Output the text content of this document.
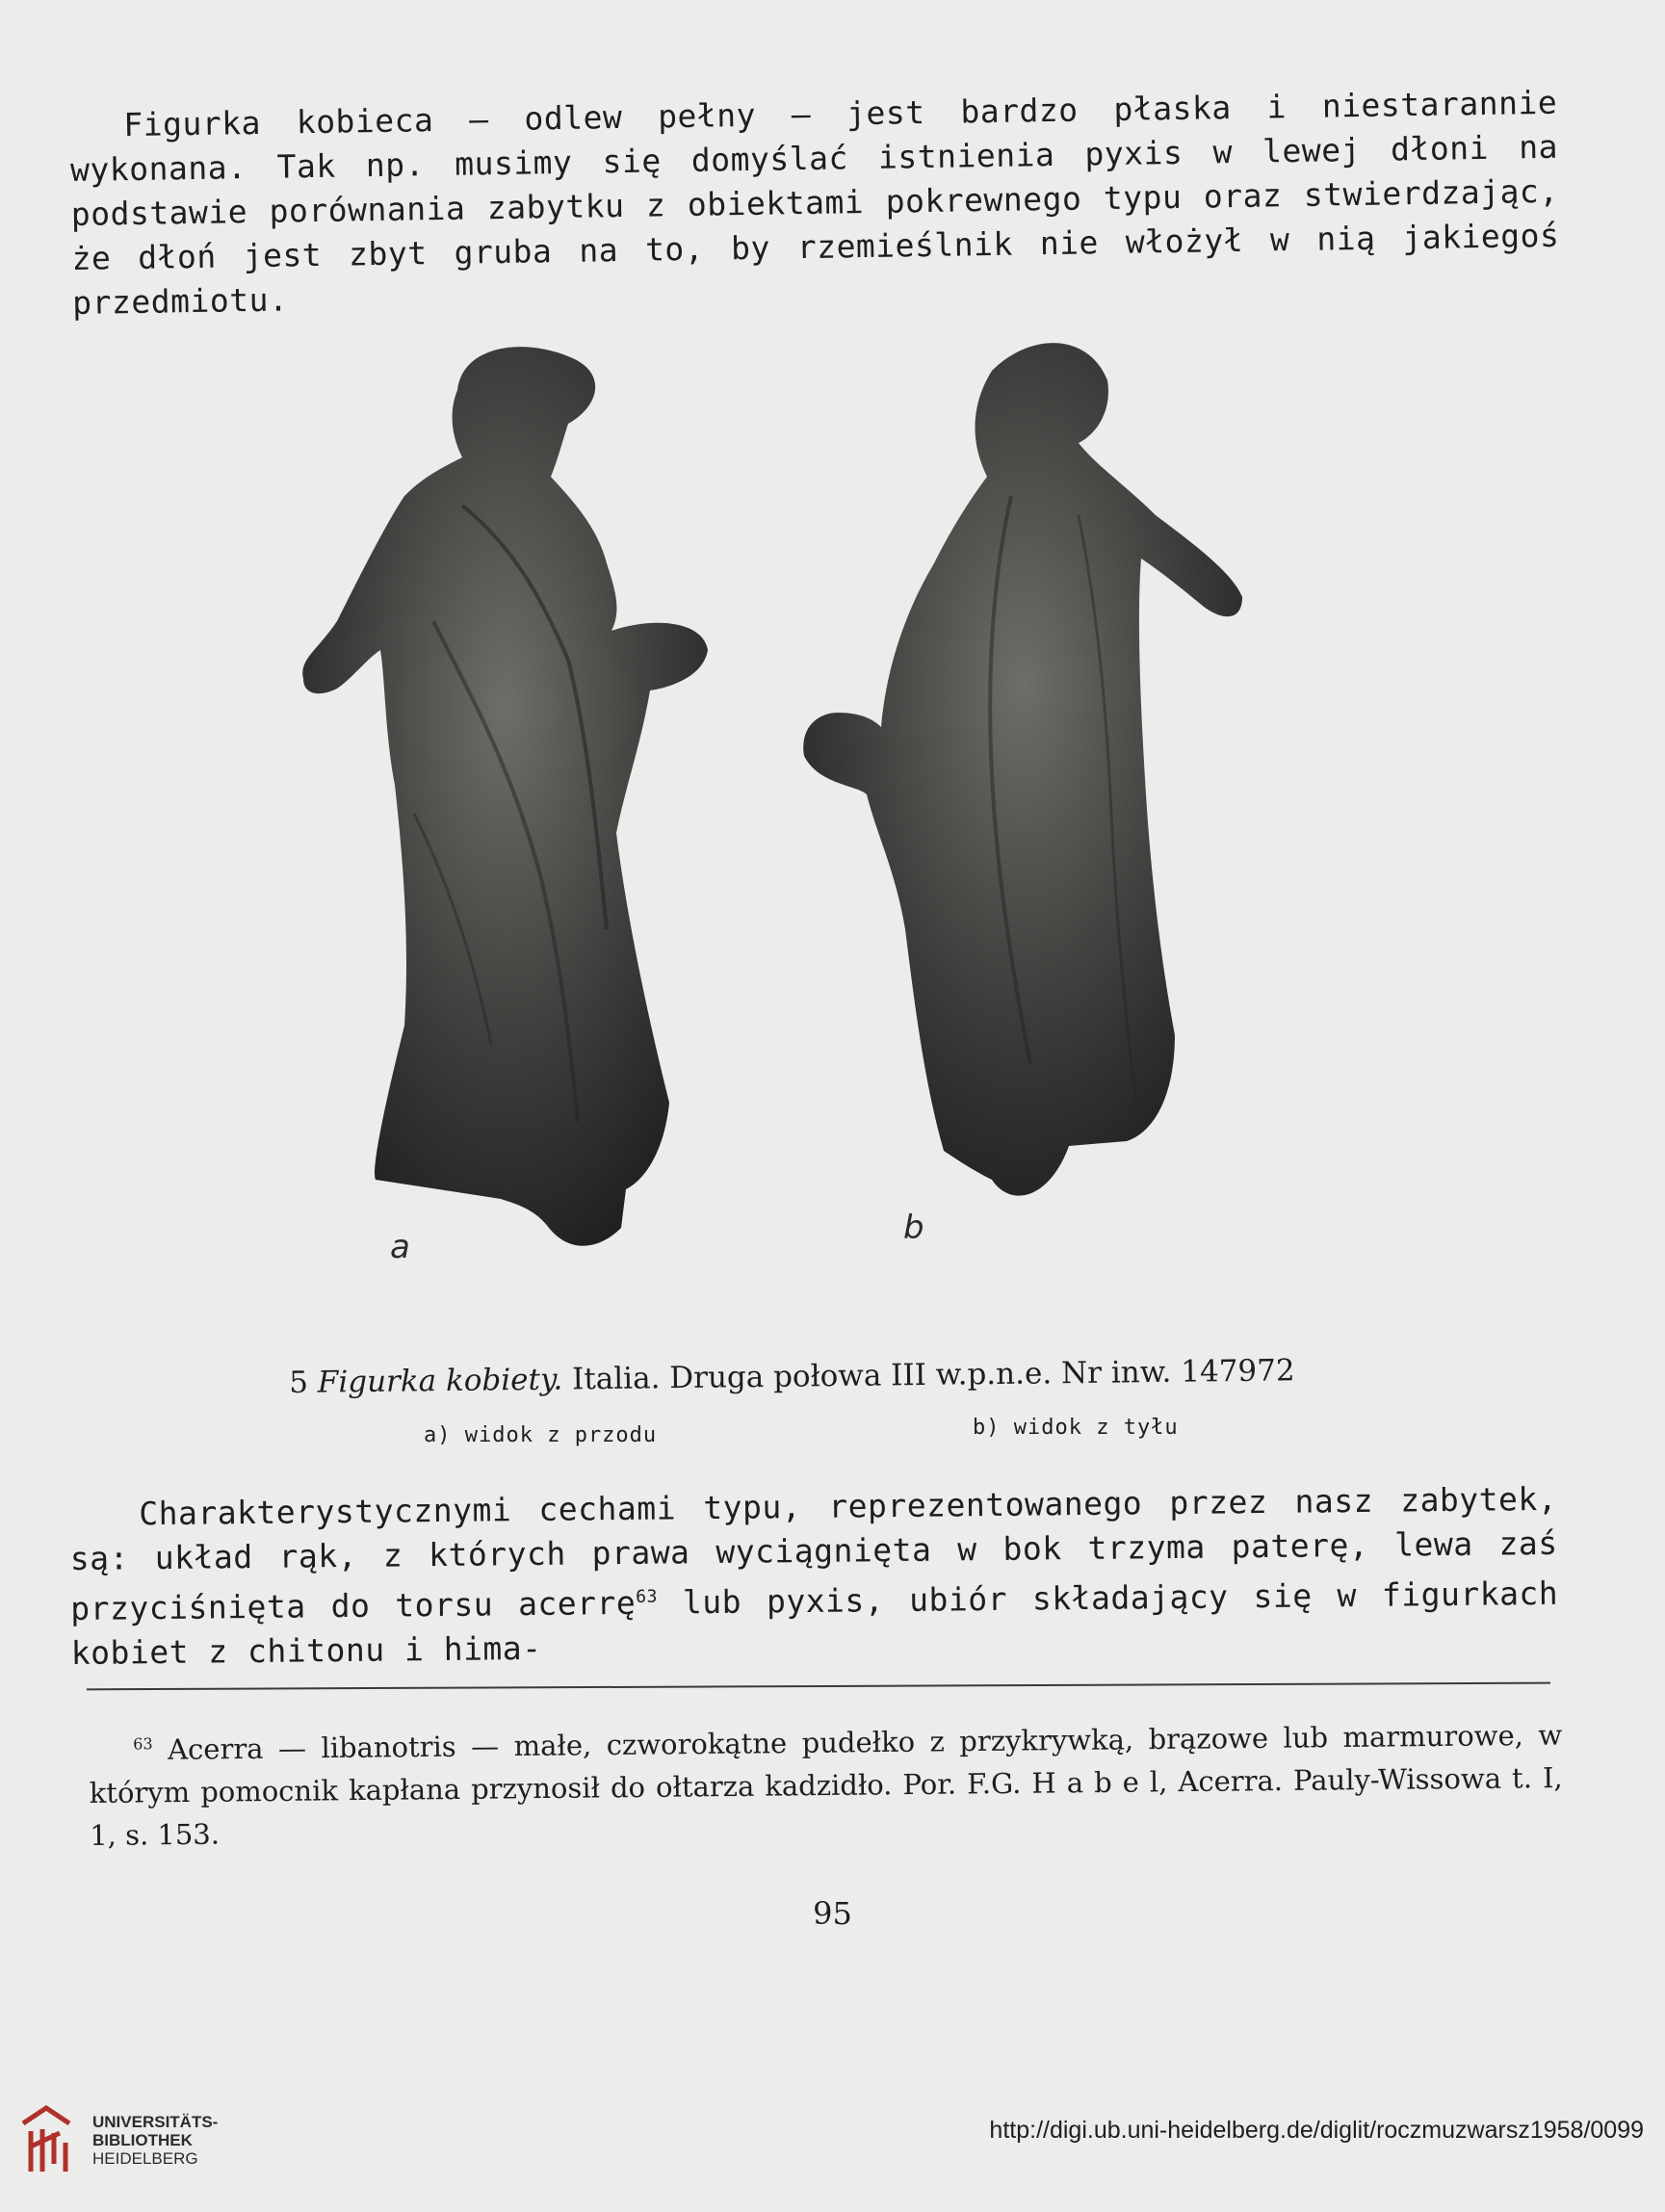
Figurka kobieca — odlew pełny — jest bardzo płaska i niestarannie wykonana. Tak np. musimy się domyślać istnienia pyxis w lewej dłoni na podstawie porównania zabytku z obiektami pokrewnego typu oraz stwierdzając, że dłoń jest zbyt gruba na to, by rzemieślnik nie włożył w nią jakiegoś przedmiotu.

a	b

5 Figurka kobiety. Italia. Druga połowa III w.p.n.e. Nr inw. 147972

a) widok z przodu	b) widok z tyłu

Charakterystycznymi cechami typu, reprezentowanego przez nasz zabytek, są: układ rąk, z których prawa wyciągnięta w bok trzyma paterę, lewa zaś przyciśnięta do torsu acerrę$^{63}$ lub pyxis, ubiór składający się w figurkach kobiet z chitonu i hima-

$^{63}$ Acerra — libanotris — małe, czworokątne pudełko z przykrywką, brązowe lub marmurowe, w którym pomocnik kapłana przynosił do ołtarza kadzidło. Por. F.G. H a b e l, Acerra. Pauly-Wissowa t. I, 1, s. 153.

95
UNIVERSITÄTS-
BIBLIOTHEK
HEIDELBERG
http://digi.ub.uni-heidelberg.de/diglit/roczmuzwarsz1958/0099
